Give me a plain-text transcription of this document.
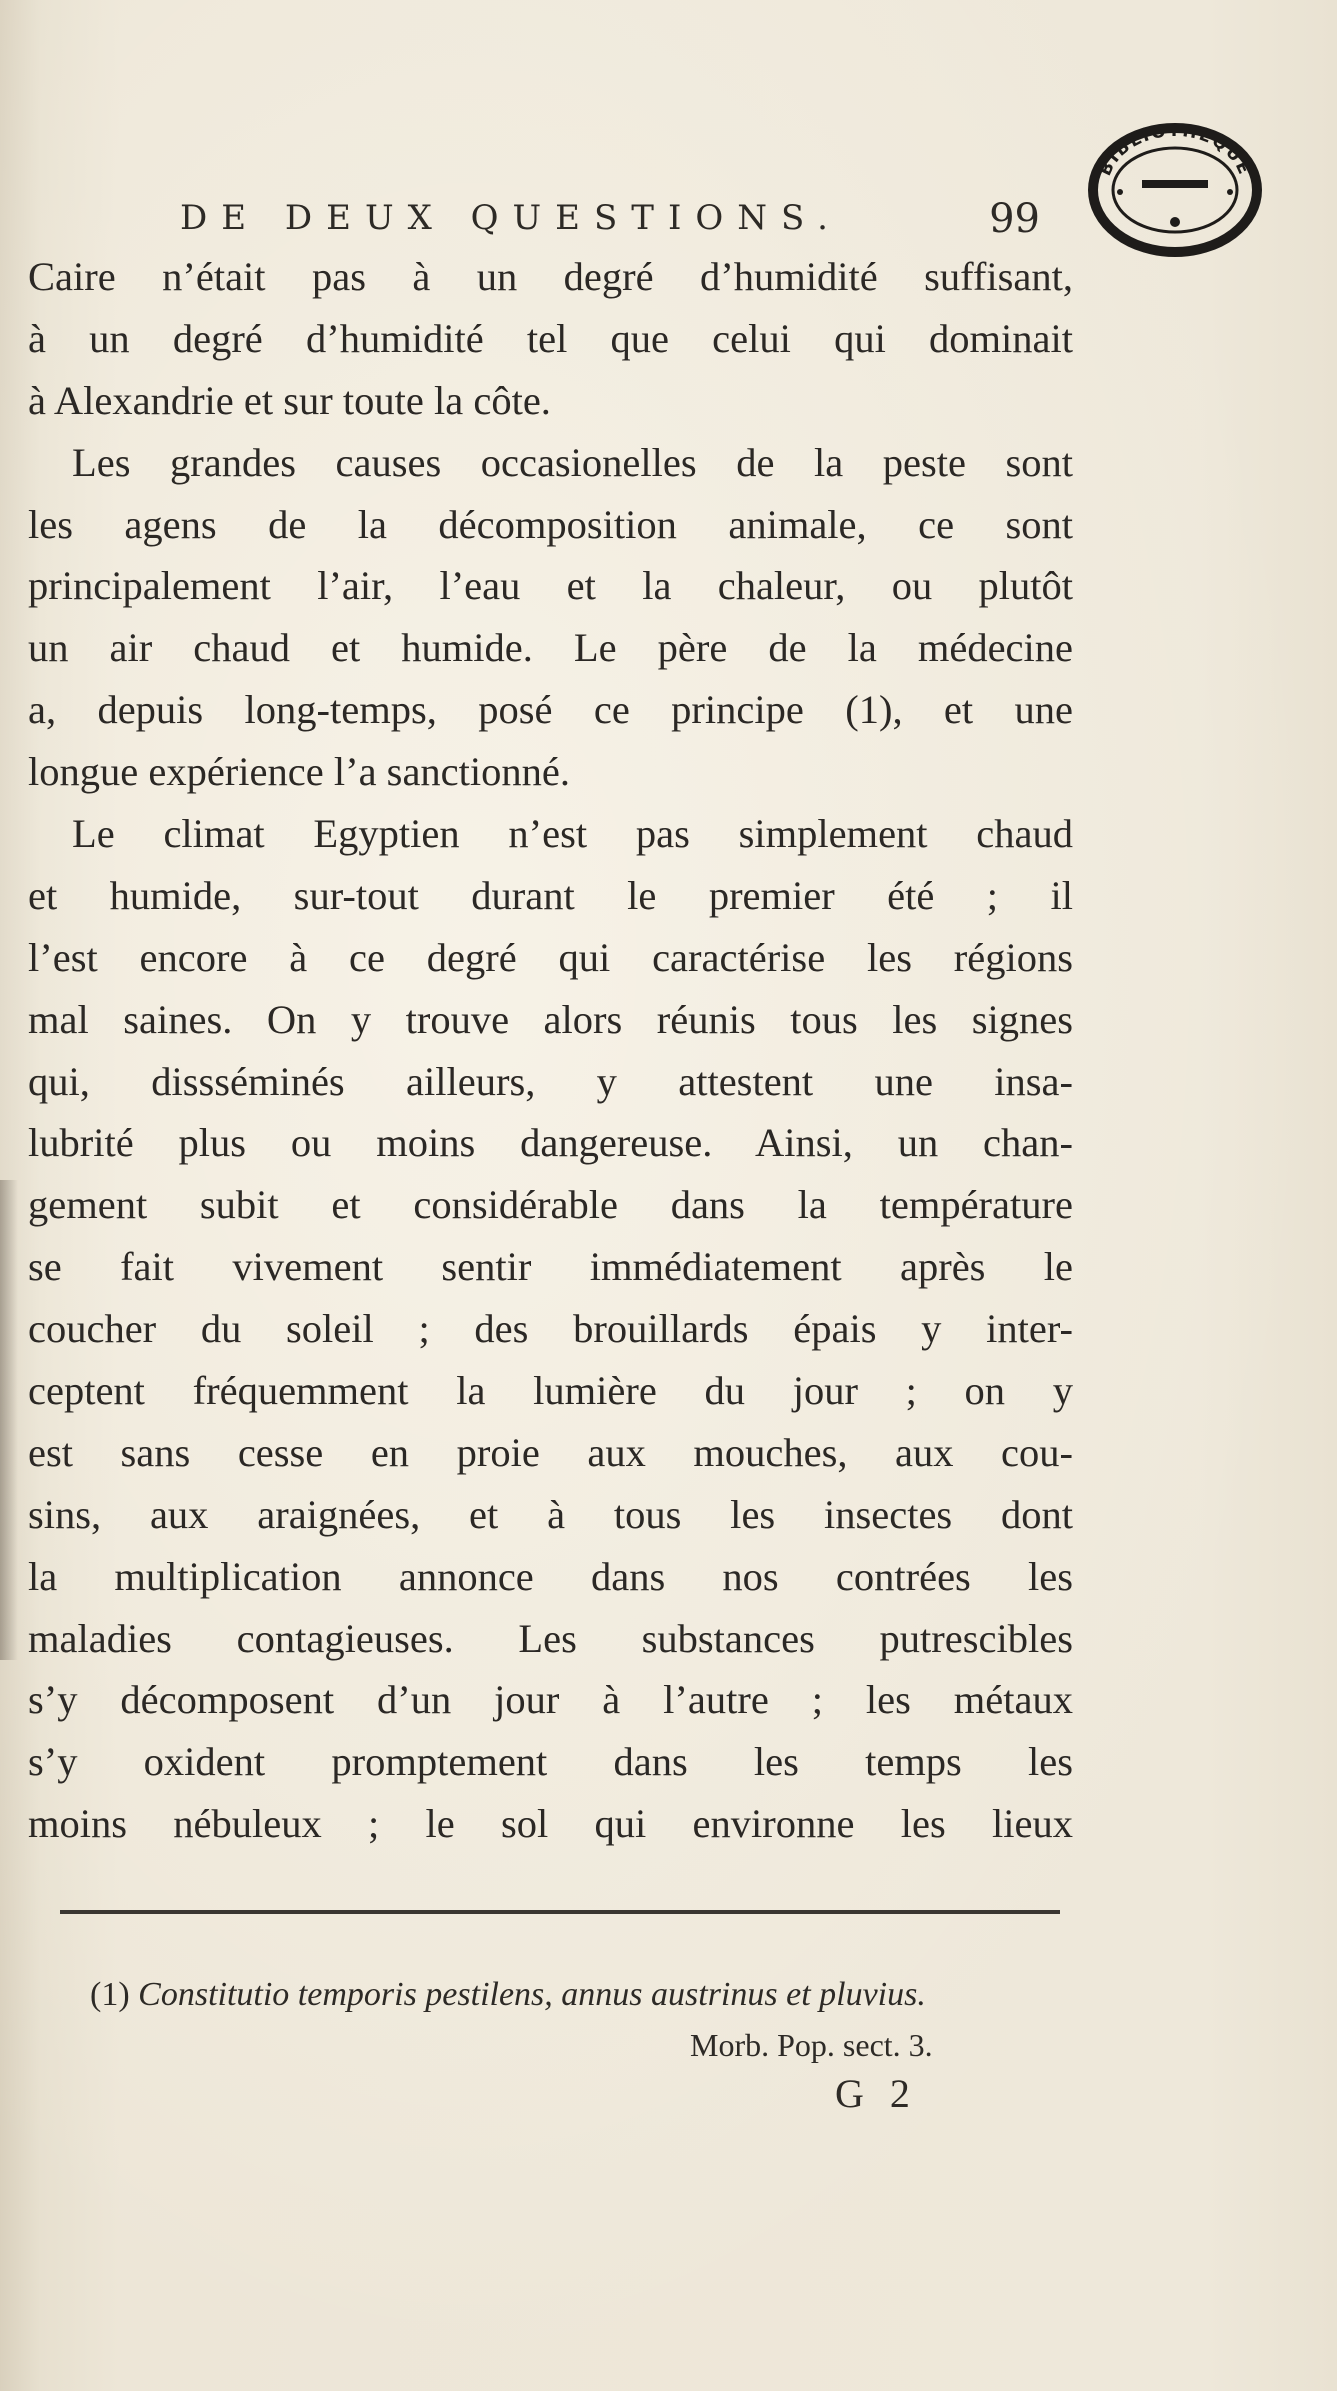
DE DEUX QUESTIONS.	99
BIBLIOTHEQUE
Caire n’était pas à un degré d’humidité suffisant,
à un degré d’humidité tel que celui qui dominait
à Alexandrie et sur toute la côte.
Les grandes causes occasionelles de la peste sont
les agens de la décomposition animale, ce sont
principalement l’air, l’eau et la chaleur, ou plutôt
un air chaud et humide. Le père de la médecine
a, depuis long-temps, posé ce principe (1), et une
longue expérience l’a sanctionné.
Le climat Egyptien n’est pas simplement chaud
et humide, sur-tout durant le premier été ; il
l’est encore à ce degré qui caractérise les régions
mal saines. On y trouve alors réunis tous les signes
qui, dissséminés ailleurs, y attestent une insa-
lubrité plus ou moins dangereuse. Ainsi, un chan-
gement subit et considérable dans la température
se fait vivement sentir immédiatement après le
coucher du soleil ; des brouillards épais y inter-
ceptent fréquemment la lumière du jour ; on y
est sans cesse en proie aux mouches, aux cou-
sins, aux araignées, et à tous les insectes dont
la multiplication annonce dans nos contrées les
maladies contagieuses. Les substances putrescibles
s’y décomposent d’un jour à l’autre ; les métaux
s’y oxident promptement dans les temps les
moins nébuleux ; le sol qui environne les lieux
(1) Constitutio temporis pestilens, annus austrinus et pluvius.
Morb. Pop. sect. 3.
G 2
